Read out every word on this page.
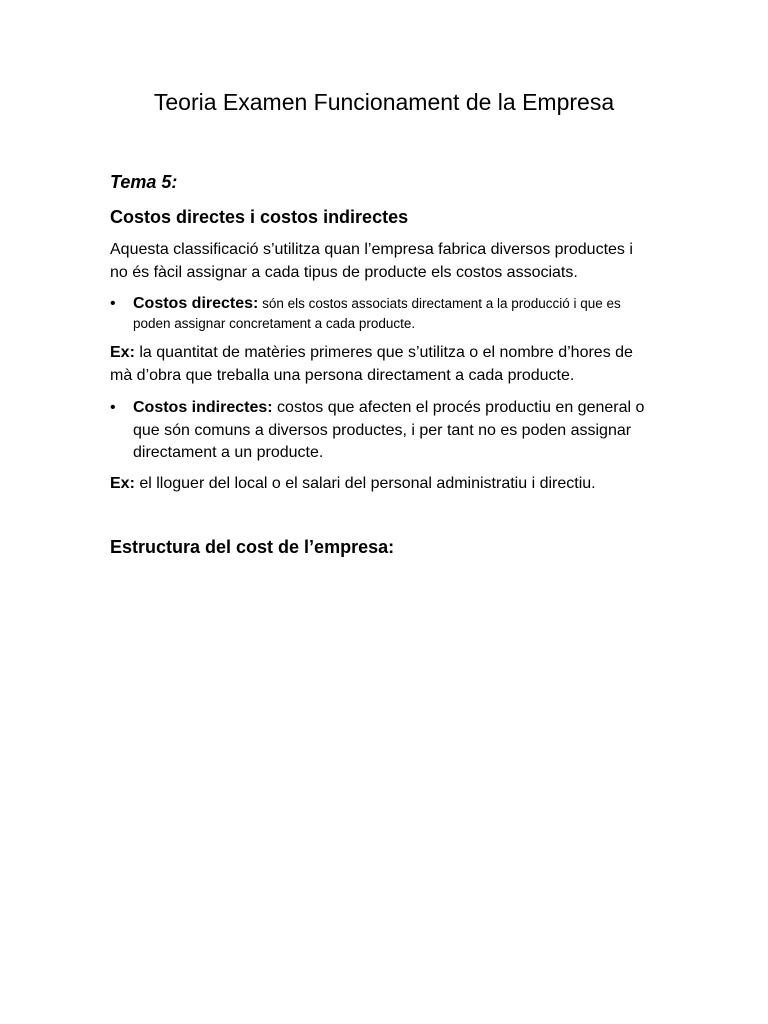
Teoria Examen Funcionament de la Empresa
Tema 5:
Costos directes i costos indirectes

Aquesta classificació s’utilitza quan l’empresa fabrica diversos productes i no és fàcil assignar a cada tipus de producte els costos associats.

• Costos directes: són els costos associats directament a la producció i que es poden assignar concretament a cada producte.

Ex: la quantitat de matèries primeres que s’utilitza o el nombre d’hores de mà d’obra que treballa una persona directament a cada producte.

• Costos indirectes: costos que afecten el procés productiu en general o que són comuns a diversos productes, i per tant no es poden assignar directament a un producte.

Ex: el lloguer del local o el salari del personal administratiu i directiu.

Estructura del cost de l’empresa:
